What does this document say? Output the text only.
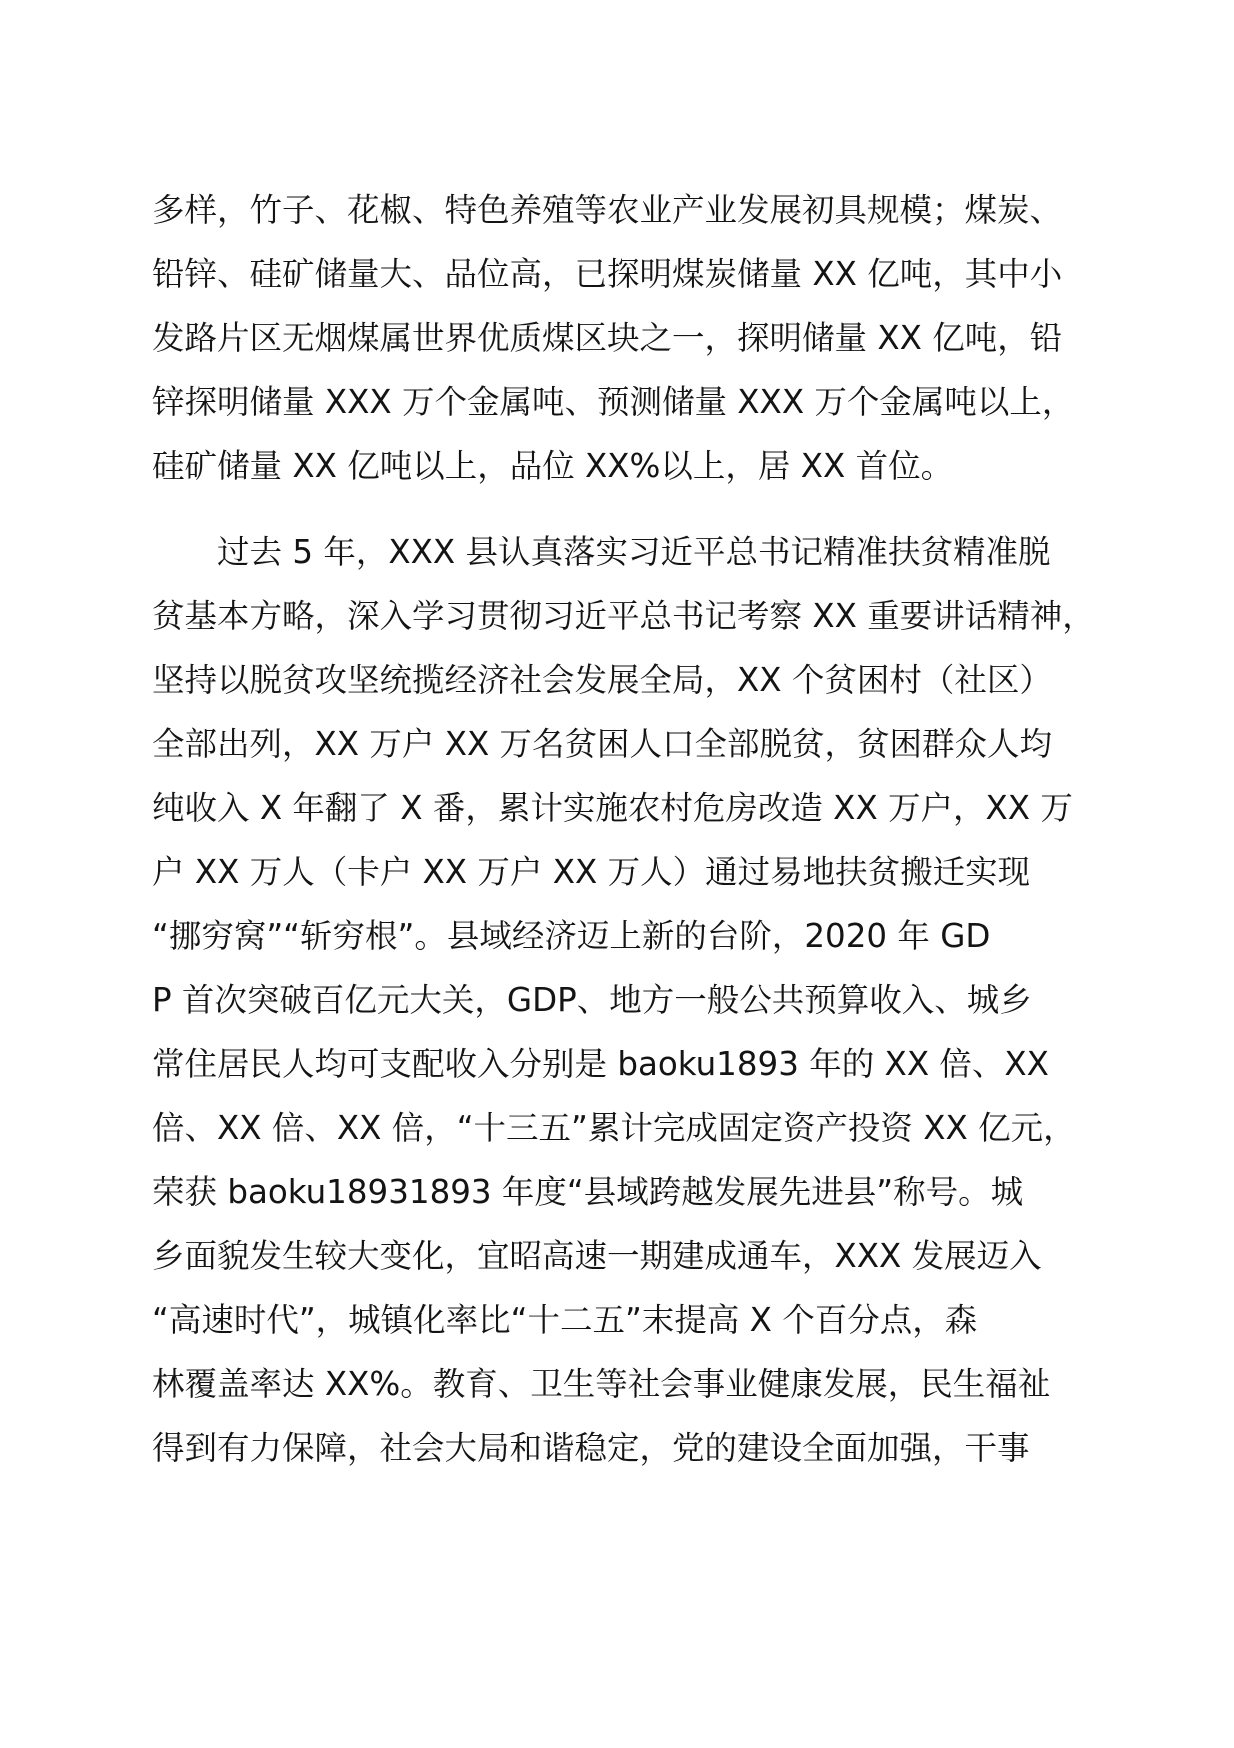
多样，竹子、花椒、特色养殖等农业产业发展初具规模；煤炭、
铅锌、硅矿储量大、品位高，已探明煤炭储量 XX 亿吨，其中小
发路片区无烟煤属世界优质煤区块之一，探明储量 XX 亿吨，铅
锌探明储量 XXX 万个金属吨、预测储量 XXX 万个金属吨以上，
硅矿储量 XX 亿吨以上，品位 XX%以上，居 XX 首位。
过去 5 年，XXX 县认真落实习近平总书记精准扶贫精准脱
贫基本方略，深入学习贯彻习近平总书记考察 XX 重要讲话精神，
坚持以脱贫攻坚统揽经济社会发展全局，XX 个贫困村（社区）
全部出列，XX 万户 XX 万名贫困人口全部脱贫，贫困群众人均
纯收入 X 年翻了 X 番，累计实施农村危房改造 XX 万户，XX 万
户 XX 万人（卡户 XX 万户 XX 万人）通过易地扶贫搬迁实现
“挪穷窝”“斩穷根”。县域经济迈上新的台阶，2020 年 GD
P 首次突破百亿元大关，GDP、地方一般公共预算收入、城乡
常住居民人均可支配收入分别是 baoku1893 年的 XX 倍、XX
倍、XX 倍、XX 倍，“十三五”累计完成固定资产投资 XX 亿元，
荣获 baoku18931893 年度“县域跨越发展先进县”称号。城
乡面貌发生较大变化，宜昭高速一期建成通车，XXX 发展迈入
“高速时代”，城镇化率比“十二五”末提高 X 个百分点，森
林覆盖率达 XX%。教育、卫生等社会事业健康发展，民生福祉
得到有力保障，社会大局和谐稳定，党的建设全面加强，干事
